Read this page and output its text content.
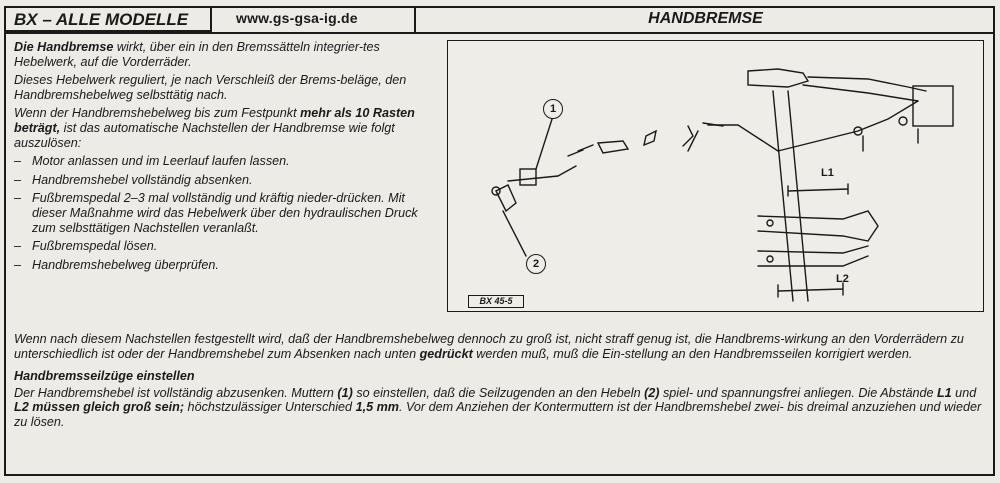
BX – ALLE MODELLE	www.gs-gsa-ig.de	HANDBREMSE

Die Handbremse wirkt, über ein in den Bremssätteln integrier-tes Hebelwerk, auf die Vorderräder.

Dieses Hebelwerk reguliert, je nach Verschleiß der Brems-beläge, den Handbremshebelweg selbsttätig nach.

Wenn der Handbremshebelweg bis zum Festpunkt mehr als 10 Rasten beträgt, ist das automatische Nachstellen der Handbremse wie folgt auszulösen:

– Motor anlassen und im Leerlauf laufen lassen.
– Handbremshebel vollständig absenken.
– Fußbremspedal 2–3 mal vollständig und kräftig nieder-drücken. Mit dieser Maßnahme wird das Hebelwerk über den hydraulischen Druck zum selbsttätigen Nachstellen veranlaßt.
– Fußbremspedal lösen.
– Handbremshebelweg überprüfen.
1
2
L1
L2
BX 45-5

Wenn nach diesem Nachstellen festgestellt wird, daß der Handbremshebelweg dennoch zu groß ist, nicht straff genug ist, die Handbrems-wirkung an den Vorderrädern zu unterschiedlich ist oder der Handbremshebel zum Absenken nach unten gedrückt werden muß, muß die Ein-stellung an den Handbremsseilen korrigiert werden.

Handbremsseilzüge einstellen

Der Handbremshebel ist vollständig abzusenken. Muttern (1) so einstellen, daß die Seilzugenden an den Hebeln (2) spiel- und spannungsfrei anliegen. Die Abstände L1 und L2 müssen gleich groß sein; höchstzulässiger Unterschied 1,5 mm. Vor dem Anziehen der Kontermuttern ist der Handbremshebel zwei- bis dreimal anzuziehen und wieder zu lösen.
